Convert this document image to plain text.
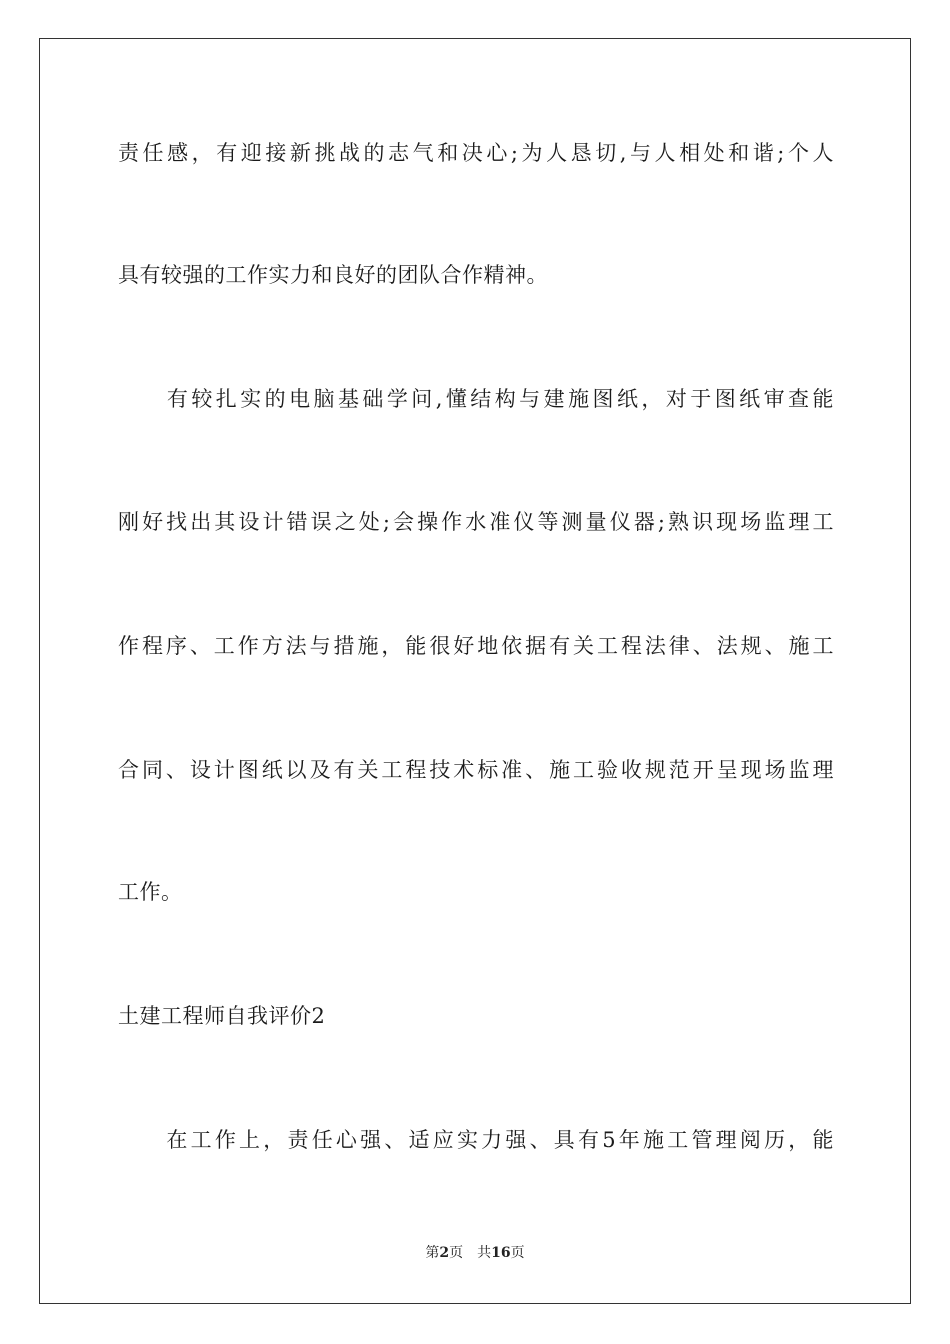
责任感，有迎接新挑战的志气和决心;为人恳切,与人相处和谐;个人
具有较强的工作实力和良好的团队合作精神。
　　有较扎实的电脑基础学问,懂结构与建施图纸，对于图纸审查能
刚好找出其设计错误之处;会操作水准仪等测量仪器;熟识现场监理工
作程序、工作方法与措施，能很好地依据有关工程法律、法规、施工
合同、设计图纸以及有关工程技术标准、施工验收规范开呈现场监理
工作。
土建工程师自我评价2
　　在工作上，责任心强、适应实力强、具有5年施工管理阅历，能
第2页 共16页
